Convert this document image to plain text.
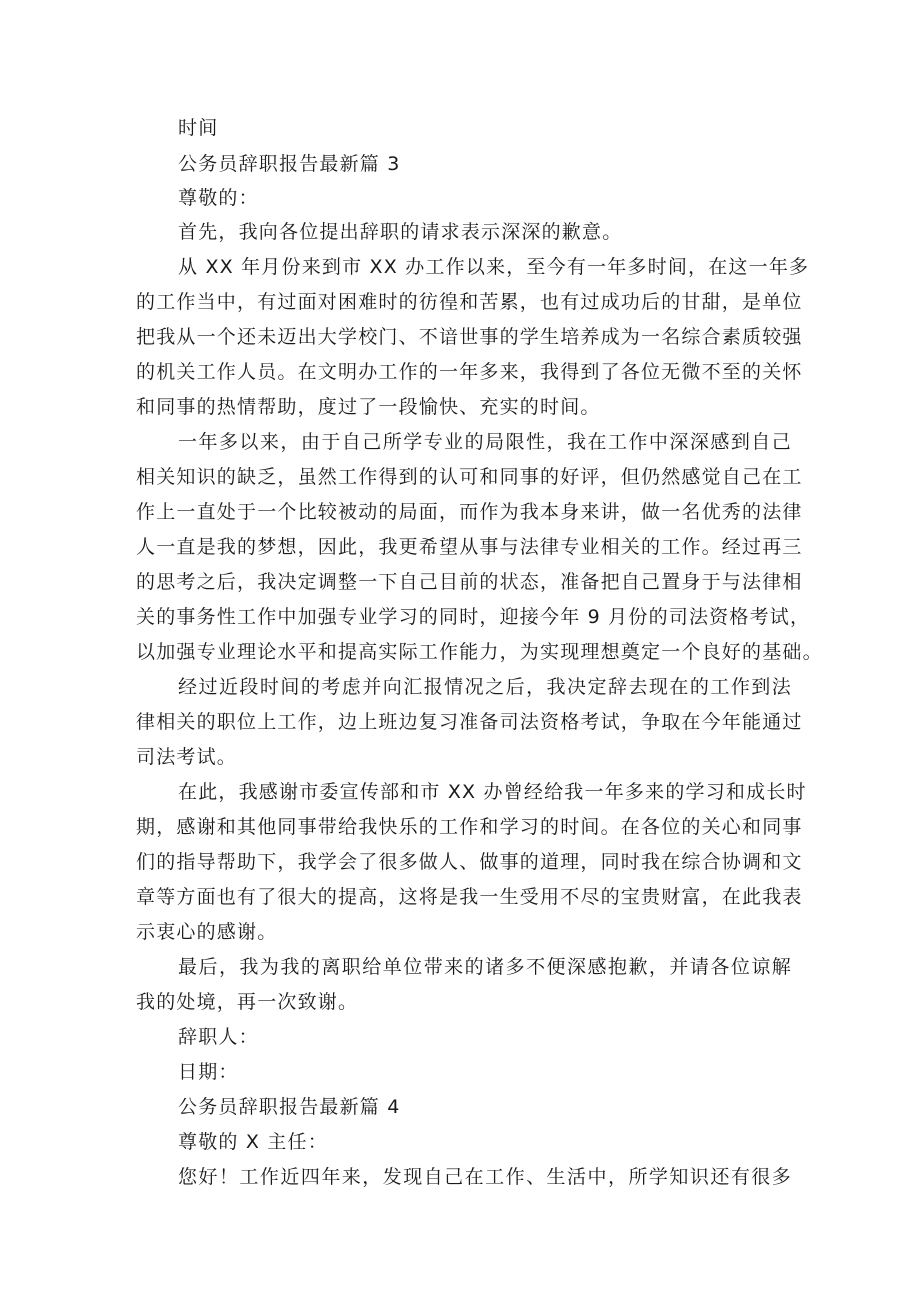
时间
公务员辞职报告最新篇 3
尊敬的：
首先，我向各位提出辞职的请求表示深深的歉意。
从 XX 年月份来到市 XX 办工作以来，至今有一年多时间，在这一年多
的工作当中，有过面对困难时的彷徨和苦累，也有过成功后的甘甜，是单位
把我从一个还未迈出大学校门、不谙世事的学生培养成为一名综合素质较强
的机关工作人员。在文明办工作的一年多来，我得到了各位无微不至的关怀
和同事的热情帮助，度过了一段愉快、充实的时间。
一年多以来，由于自己所学专业的局限性，我在工作中深深感到自己
相关知识的缺乏，虽然工作得到的认可和同事的好评，但仍然感觉自己在工
作上一直处于一个比较被动的局面，而作为我本身来讲，做一名优秀的法律
人一直是我的梦想，因此，我更希望从事与法律专业相关的工作。经过再三
的思考之后，我决定调整一下自己目前的状态，准备把自己置身于与法律相
关的事务性工作中加强专业学习的同时，迎接今年 9 月份的司法资格考试，
以加强专业理论水平和提高实际工作能力，为实现理想奠定一个良好的基础。
经过近段时间的考虑并向汇报情况之后，我决定辞去现在的工作到法
律相关的职位上工作，边上班边复习准备司法资格考试，争取在今年能通过
司法考试。
在此，我感谢市委宣传部和市 XX 办曾经给我一年多来的学习和成长时
期，感谢和其他同事带给我快乐的工作和学习的时间。在各位的关心和同事
们的指导帮助下，我学会了很多做人、做事的道理，同时我在综合协调和文
章等方面也有了很大的提高，这将是我一生受用不尽的宝贵财富，在此我表
示衷心的感谢。
最后，我为我的离职给单位带来的诸多不便深感抱歉，并请各位谅解
我的处境，再一次致谢。
辞职人：
日期：
公务员辞职报告最新篇 4
尊敬的 X 主任：
您好！工作近四年来，发现自己在工作、生活中，所学知识还有很多
